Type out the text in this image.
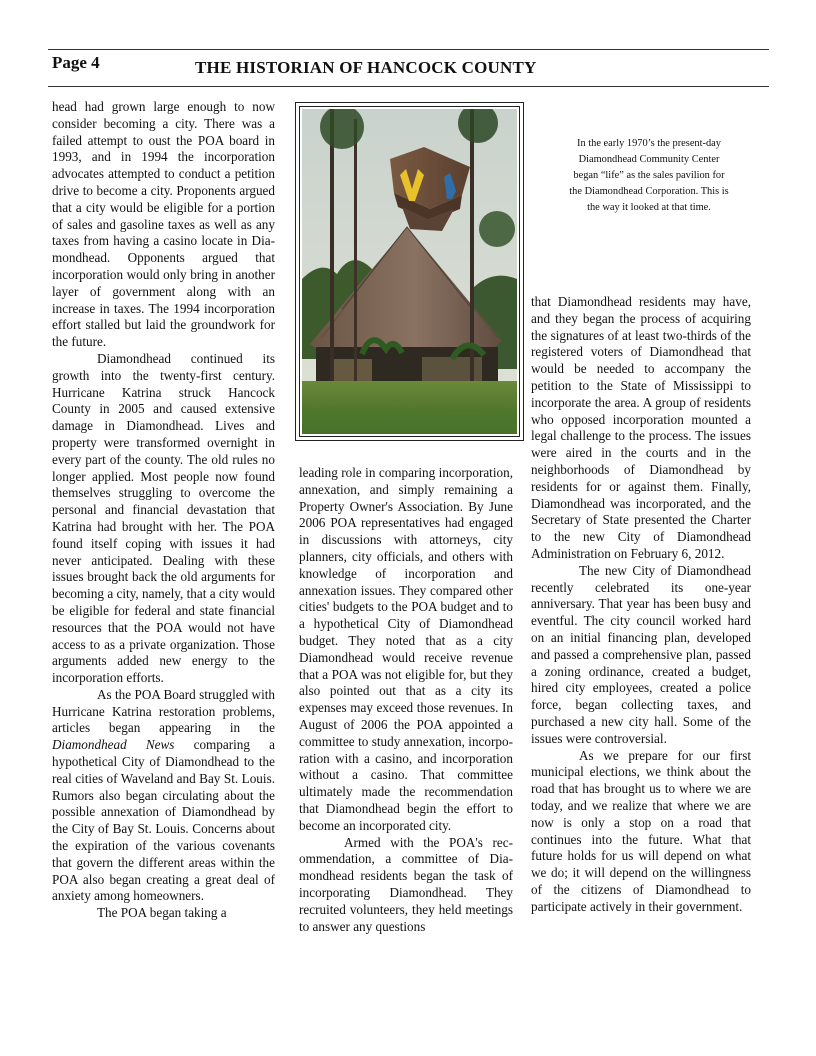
Page 4	THE HISTORIAN OF HANCOCK COUNTY

head had grown large enough to now consider becoming a city. There was a failed attempt to oust the POA board in 1993, and in 1994 the incorporation advocates attempted to conduct a petition drive to become a city. Proponents argued that a city would be eligible for a portion of sales and gasoline taxes as well as any taxes from having a casino locate in Diamondhead. Opponents argued that incorporation would only bring in another layer of government along with an increase in taxes. The 1994 incorporation effort stalled but laid the groundwork for the future.

Diamondhead continued its growth into the twenty-first century. Hurricane Katrina struck Hancock County in 2005 and caused extensive damage in Diamondhead. Lives and property were transformed overnight in every part of the county. The old rules no longer applied. Most people now found themselves struggling to overcome the personal and financial devastation that Katrina had brought with her. The POA found itself coping with issues it had never anticipated. Dealing with these issues brought back the old arguments for becoming a city, namely, that a city would be eligible for federal and state financial resources that the POA would not have access to as a private organization. Those arguments added new energy to the incorporation efforts.

As the POA Board struggled with Hurricane Katrina restoration problems, articles began appearing in the Diamondhead News comparing a hypothetical City of Diamondhead to the real cities of Waveland and Bay St. Louis. Rumors also began circulating about the possible annexation of Diamondhead by the City of Bay St. Louis. Concerns about the expiration of the various covenants that govern the different areas within the POA also began creating a great deal of anxiety among homeowners.

The POA began taking a

In the early 1970’s the present-day Diamondhead Community Center began “life” as the sales pavilion for the Diamondhead Corporation. This is the way it looked at that time.

leading role in comparing incorporation, annexation, and simply remaining a Property Owner's Association. By June 2006 POA representatives had engaged in discussions with attorneys, city planners, city officials, and others with knowledge of incorporation and annexation issues. They compared other cities' budgets to the POA budget and to a hypothetical City of Diamondhead budget. They noted that as a city Diamondhead would receive revenue that a POA was not eligible for, but they also pointed out that as a city its expenses may exceed those revenues. In August of 2006 the POA appointed a committee to study annexation, incorporation with a casino, and incorporation without a casino. That committee ultimately made the recommendation that Diamondhead begin the effort to become an incorporated city.

Armed with the POA's recommendation, a committee of Diamondhead residents began the task of incorporating Diamondhead. They recruited volunteers, they held meetings to answer any questions

that Diamondhead residents may have, and they began the process of acquiring the signatures of at least two-thirds of the registered voters of Diamondhead that would be needed to accompany the petition to the State of Mississippi to incorporate the area. A group of residents who opposed incorporation mounted a legal challenge to the process. The issues were aired in the courts and in the neighborhoods of Diamondhead by residents for or against them. Finally, Diamondhead was incorporated, and the Secretary of State presented the Charter to the new City of Diamondhead Administration on February 6, 2012.

The new City of Diamondhead recently celebrated its one-year anniversary. That year has been busy and eventful. The city council worked hard on an initial financing plan, developed and passed a comprehensive plan, passed a zoning ordinance, created a budget, hired city employees, created a police force, began collecting taxes, and purchased a new city hall. Some of the issues were controversial.

As we prepare for our first municipal elections, we think about the road that has brought us to where we are today, and we realize that where we are now is only a stop on a road that continues into the future. What that future holds for us will depend on what we do; it will depend on the willingness of the citizens of Diamondhead to participate actively in their government.
